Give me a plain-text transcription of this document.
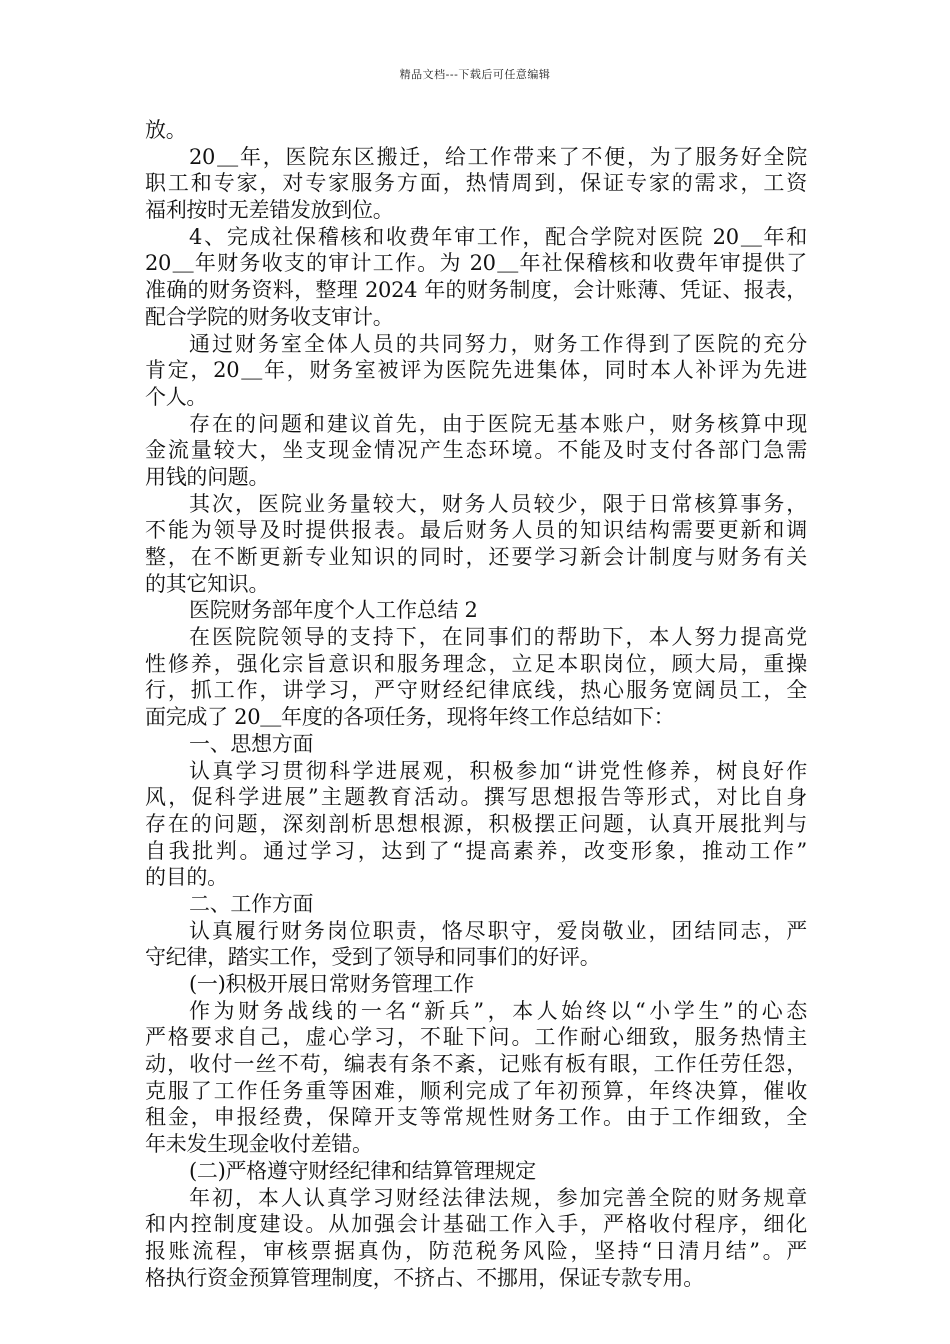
精品文档---下载后可任意编辑
放。
20＿年，医院东区搬迁，给工作带来了不便，为了服务好全院
职工和专家，对专家服务方面，热情周到，保证专家的需求，工资
福利按时无差错发放到位。
4、完成社保稽核和收费年审工作，配合学院对医院 20＿年和
20＿年财务收支的审计工作。为 20＿年社保稽核和收费年审提供了
准确的财务资料，整理 2024 年的财务制度，会计账薄、凭证、报表，
配合学院的财务收支审计。
通过财务室全体人员的共同努力，财务工作得到了医院的充分
肯定，20＿年，财务室被评为医院先进集体，同时本人补评为先进
个人。
存在的问题和建议首先，由于医院无基本账户，财务核算中现
金流量较大，坐支现金情况产生态环境。不能及时支付各部门急需
用钱的问题。
其次，医院业务量较大，财务人员较少，限于日常核算事务，
不能为领导及时提供报表。最后财务人员的知识结构需要更新和调
整，在不断更新专业知识的同时，还要学习新会计制度与财务有关
的其它知识。
医院财务部年度个人工作总结 2
在医院院领导的支持下，在同事们的帮助下，本人努力提高党
性修养，强化宗旨意识和服务理念，立足本职岗位，顾大局，重操
行，抓工作，讲学习，严守财经纪律底线，热心服务宽阔员工，全
面完成了 20＿年度的各项任务，现将年终工作总结如下：
一、思想方面
认真学习贯彻科学进展观，积极参加“讲党性修养，树良好作
风，促科学进展”主题教育活动。撰写思想报告等形式，对比自身
存在的问题，深刻剖析思想根源，积极摆正问题，认真开展批判与
自我批判。通过学习，达到了“提高素养，改变形象，推动工作”
的目的。
二、工作方面
认真履行财务岗位职责，恪尽职守，爱岗敬业，团结同志，严
守纪律，踏实工作，受到了领导和同事们的好评。
(一)积极开展日常财务管理工作
作为财务战线的一名“新兵”，本人始终以“小学生”的心态
严格要求自己，虚心学习，不耻下问。工作耐心细致，服务热情主
动，收付一丝不苟，编表有条不紊，记账有板有眼，工作任劳任怨，
克服了工作任务重等困难，顺利完成了年初预算，年终决算，催收
租金，申报经费，保障开支等常规性财务工作。由于工作细致，全
年未发生现金收付差错。
(二)严格遵守财经纪律和结算管理规定
年初，本人认真学习财经法律法规，参加完善全院的财务规章
和内控制度建设。从加强会计基础工作入手，严格收付程序，细化
报账流程，审核票据真伪，防范税务风险，坚持“日清月结”。严
格执行资金预算管理制度，不挤占、不挪用，保证专款专用。
